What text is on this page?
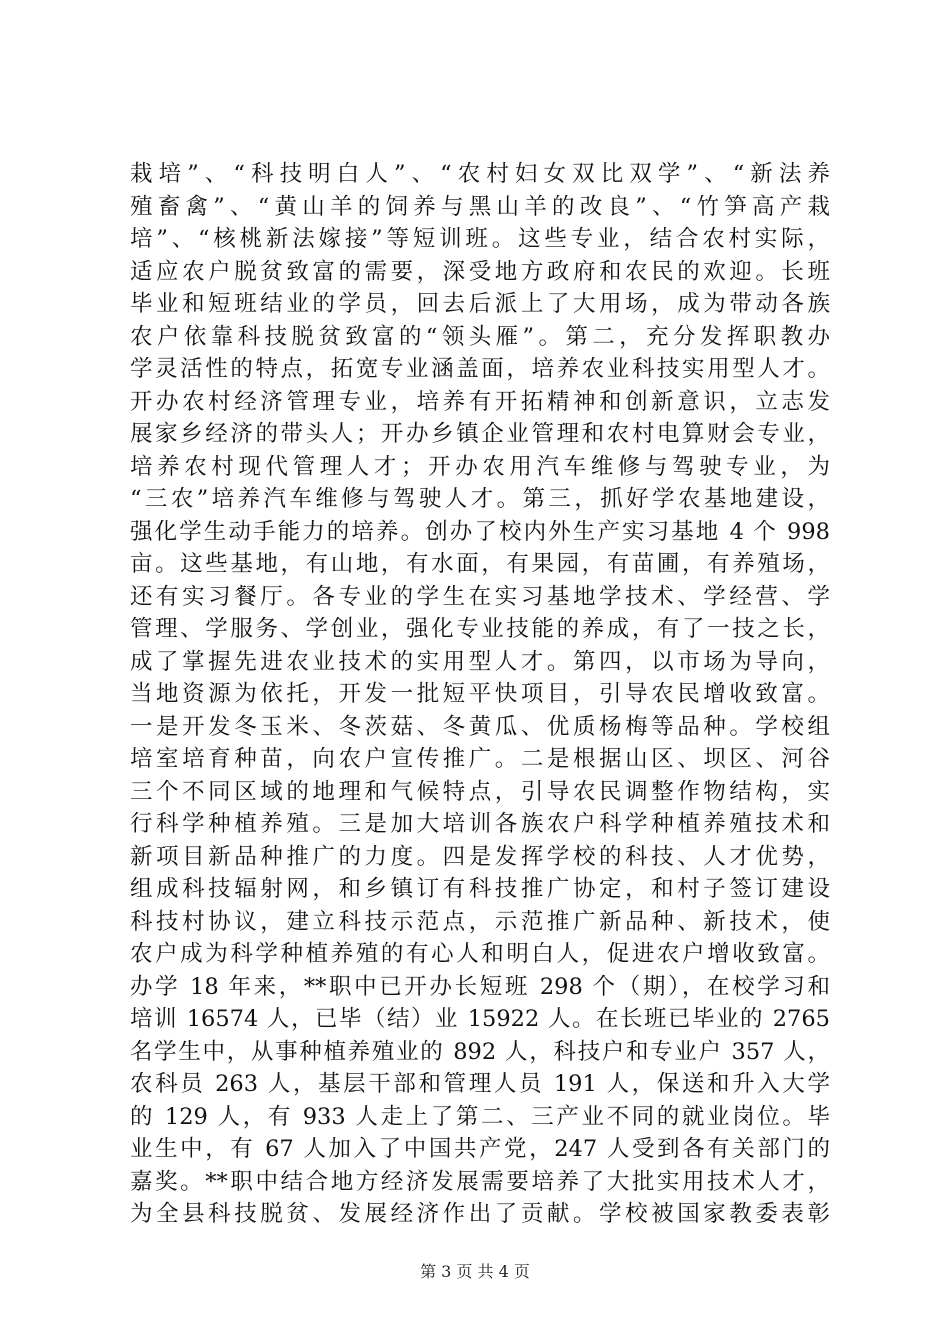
栽培”、“科技明白人”、“农村妇女双比双学”、“新法养
殖畜禽”、“黄山羊的饲养与黑山羊的改良”、“竹笋高产栽
培”、“核桃新法嫁接”等短训班。这些专业，结合农村实际，
适应农户脱贫致富的需要，深受地方政府和农民的欢迎。长班
毕业和短班结业的学员，回去后派上了大用场，成为带动各族
农户依靠科技脱贫致富的“领头雁”。第二，充分发挥职教办
学灵活性的特点，拓宽专业涵盖面，培养农业科技实用型人才。
开办农村经济管理专业，培养有开拓精神和创新意识，立志发
展家乡经济的带头人；开办乡镇企业管理和农村电算财会专业，
培养农村现代管理人才；开办农用汽车维修与驾驶专业，为
“三农”培养汽车维修与驾驶人才。第三，抓好学农基地建设，
强化学生动手能力的培养。创办了校内外生产实习基地 4 个 998
亩。这些基地，有山地，有水面，有果园，有苗圃，有养殖场，
还有实习餐厅。各专业的学生在实习基地学技术、学经营、学
管理、学服务、学创业，强化专业技能的养成，有了一技之长，
成了掌握先进农业技术的实用型人才。第四，以市场为导向，
当地资源为依托，开发一批短平快项目，引导农民增收致富。
一是开发冬玉米、冬茨菇、冬黄瓜、优质杨梅等品种。学校组
培室培育种苗，向农户宣传推广。二是根据山区、坝区、河谷
三个不同区域的地理和气候特点，引导农民调整作物结构，实
行科学种植养殖。三是加大培训各族农户科学种植养殖技术和
新项目新品种推广的力度。四是发挥学校的科技、人才优势，
组成科技辐射网，和乡镇订有科技推广协定，和村子签订建设
科技村协议，建立科技示范点，示范推广新品种、新技术，使
农户成为科学种植养殖的有心人和明白人，促进农户增收致富。
办学 18 年来，**职中已开办长短班 298 个（期），在校学习和
培训 16574 人，已毕（结）业 15922 人。在长班已毕业的 2765
名学生中，从事种植养殖业的 892 人，科技户和专业户 357 人，
农科员 263 人，基层干部和管理人员 191 人，保送和升入大学
的 129 人，有 933 人走上了第二、三产业不同的就业岗位。毕
业生中，有 67 人加入了中国共产党，247 人受到各有关部门的
嘉奖。**职中结合地方经济发展需要培养了大批实用技术人才，
为全县科技脱贫、发展经济作出了贡献。学校被国家教委表彰
第 3 页 共 4 页
